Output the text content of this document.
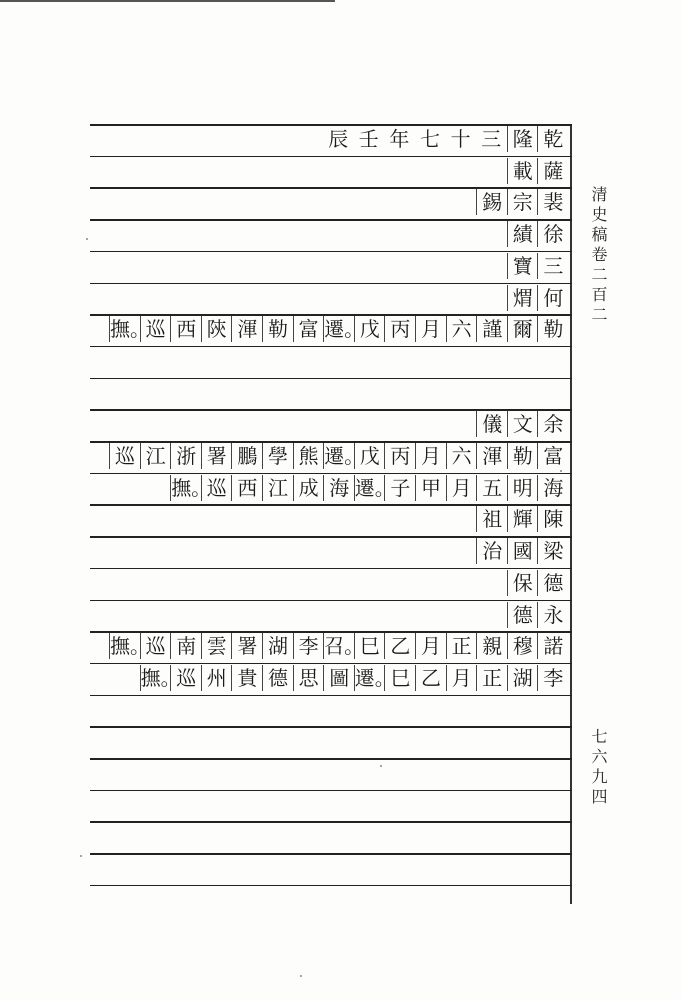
乾
隆
三
十
七
年
壬
辰
薩
載
裴
宗
錫
徐
績
三
寶
何
煟
勒
爾
謹
六
月
丙
戊
遷。
富
勒
渾
陝
西
巡
撫。
余
文
儀
富
勒
渾
六
月
丙
戊
遷。
熊
學
鵬
署
浙
江
巡
海
明
五
月
甲
子
遷。
海
成
江
西
巡
撫。
陳
輝
祖
梁
國
治
德
保
永
德
諾
穆
親
正
月
乙
巳
召。
李
湖
署
雲
南
巡
撫。
李
湖
正
月
乙
巳
遷。
圖
思
德
貴
州
巡
撫。
清史稿卷二百二
七六九四
